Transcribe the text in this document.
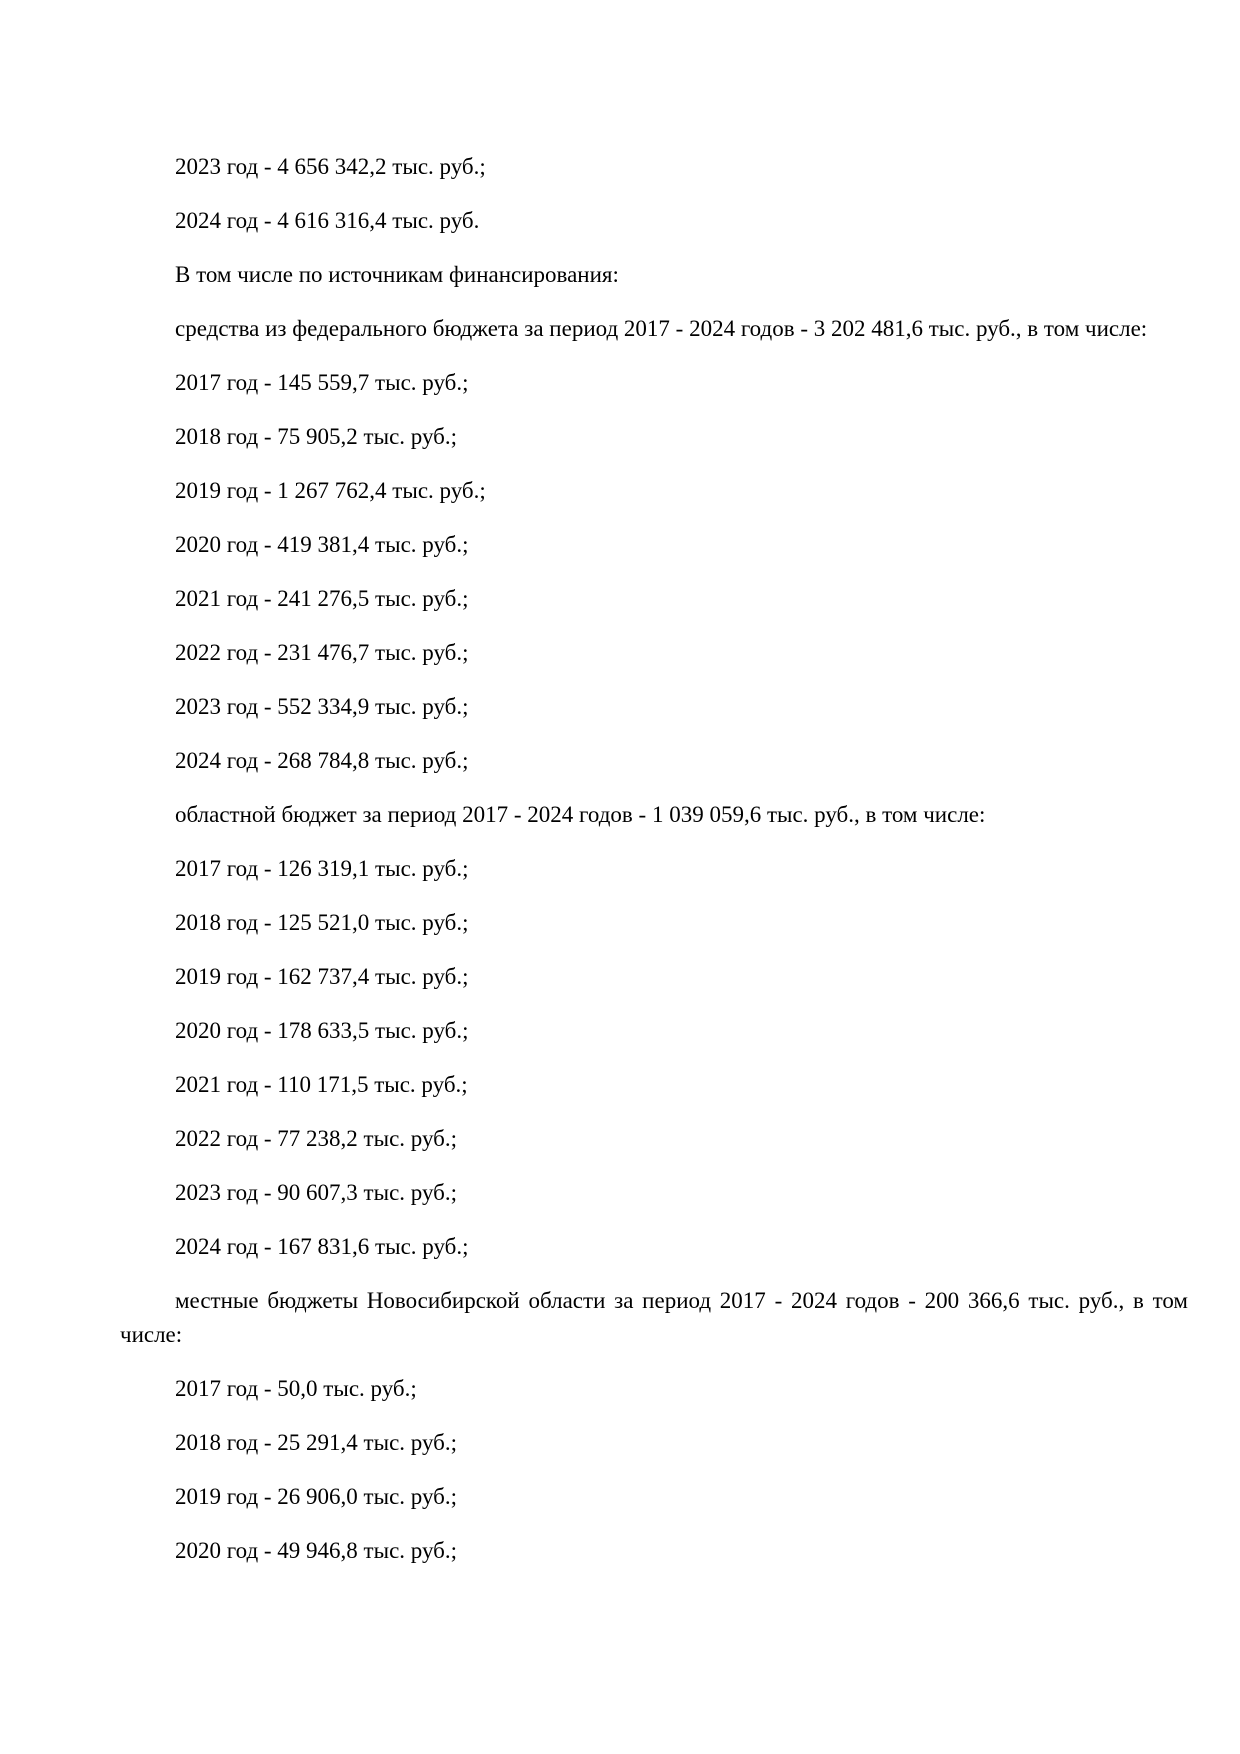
2023 год - 4 656 342,2 тыс. руб.;

2024 год - 4 616 316,4 тыс. руб.

В том числе по источникам финансирования:

средства из федерального бюджета за период 2017 - 2024 годов - 3 202 481,6 тыс. руб., в том числе:

2017 год - 145 559,7 тыс. руб.;

2018 год - 75 905,2 тыс. руб.;

2019 год - 1 267 762,4 тыс. руб.;

2020 год - 419 381,4 тыс. руб.;

2021 год - 241 276,5 тыс. руб.;

2022 год - 231 476,7 тыс. руб.;

2023 год - 552 334,9 тыс. руб.;

2024 год - 268 784,8 тыс. руб.;

областной бюджет за период 2017 - 2024 годов - 1 039 059,6 тыс. руб., в том числе:

2017 год - 126 319,1 тыс. руб.;

2018 год - 125 521,0 тыс. руб.;

2019 год - 162 737,4 тыс. руб.;

2020 год - 178 633,5 тыс. руб.;

2021 год - 110 171,5 тыс. руб.;

2022 год - 77 238,2 тыс. руб.;

2023 год - 90 607,3 тыс. руб.;

2024 год - 167 831,6 тыс. руб.;

местные бюджеты Новосибирской области за период 2017 - 2024 годов - 200 366,6 тыс. руб., в том числе:

2017 год - 50,0 тыс. руб.;

2018 год - 25 291,4 тыс. руб.;

2019 год - 26 906,0 тыс. руб.;

2020 год - 49 946,8 тыс. руб.;
